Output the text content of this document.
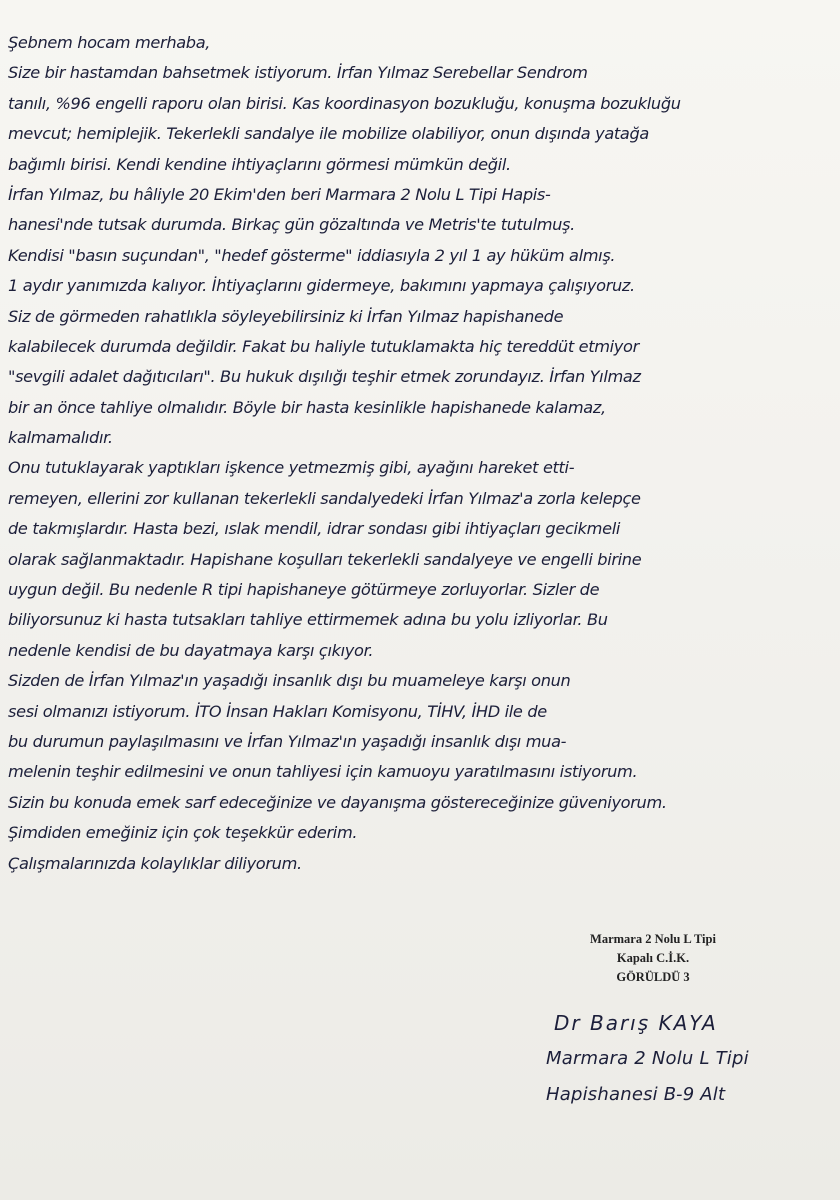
Şebnem hocam merhaba,
Size bir hastamdan bahsetmek istiyorum. İrfan Yılmaz Serebellar Sendrom
tanılı, %96 engelli raporu olan birisi. Kas koordinasyon bozukluğu, konuşma bozukluğu
mevcut; hemiplejik. Tekerlekli sandalye ile mobilize olabiliyor, onun dışında yatağa
bağımlı birisi. Kendi kendine ihtiyaçlarını görmesi mümkün değil.
İrfan Yılmaz, bu hâliyle 20 Ekim'den beri Marmara 2 Nolu L Tipi Hapis-
hanesi'nde tutsak durumda. Birkaç gün gözaltında ve Metris'te tutulmuş.
Kendisi "basın suçundan", "hedef gösterme" iddiasıyla 2 yıl 1 ay hüküm almış.
1 aydır yanımızda kalıyor. İhtiyaçlarını gidermeye, bakımını yapmaya çalışıyoruz.
Siz de görmeden rahatlıkla söyleyebilirsiniz ki İrfan Yılmaz hapishanede
kalabilecek durumda değildir. Fakat bu haliyle tutuklamakta hiç tereddüt etmiyor
"sevgili adalet dağıtıcıları". Bu hukuk dışılığı teşhir etmek zorundayız. İrfan Yılmaz
bir an önce tahliye olmalıdır. Böyle bir hasta kesinlikle hapishanede kalamaz,
kalmamalıdır.
Onu tutuklayarak yaptıkları işkence yetmezmiş gibi, ayağını hareket etti-
remeyen, ellerini zor kullanan tekerlekli sandalyedeki İrfan Yılmaz'a zorla kelepçe
de takmışlardır. Hasta bezi, ıslak mendil, idrar sondası gibi ihtiyaçları gecikmeli
olarak sağlanmaktadır. Hapishane koşulları tekerlekli sandalyeye ve engelli birine
uygun değil. Bu nedenle R tipi hapishaneye götürmeye zorluyorlar. Sizler de
biliyorsunuz ki hasta tutsakları tahliye ettirmemek adına bu yolu izliyorlar. Bu
nedenle kendisi de bu dayatmaya karşı çıkıyor.
Sizden de İrfan Yılmaz'ın yaşadığı insanlık dışı bu muameleye karşı onun
sesi olmanızı istiyorum. İTO İnsan Hakları Komisyonu, TİHV, İHD ile de
bu durumun paylaşılmasını ve İrfan Yılmaz'ın yaşadığı insanlık dışı mua-
melenin teşhir edilmesini ve onun tahliyesi için kamuoyu yaratılmasını istiyorum.
Sizin bu konuda emek sarf edeceğinize ve dayanışma göstereceğinize güveniyorum.
Şimdiden emeğiniz için çok teşekkür ederim.
Çalışmalarınızda kolaylıklar diliyorum.
Marmara 2 Nolu L Tipi
Kapalı C.İ.K.
GÖRÜLDÜ 3
Dr Barış KAYA
Marmara 2 Nolu L Tipi
Hapishanesi B-9 Alt
